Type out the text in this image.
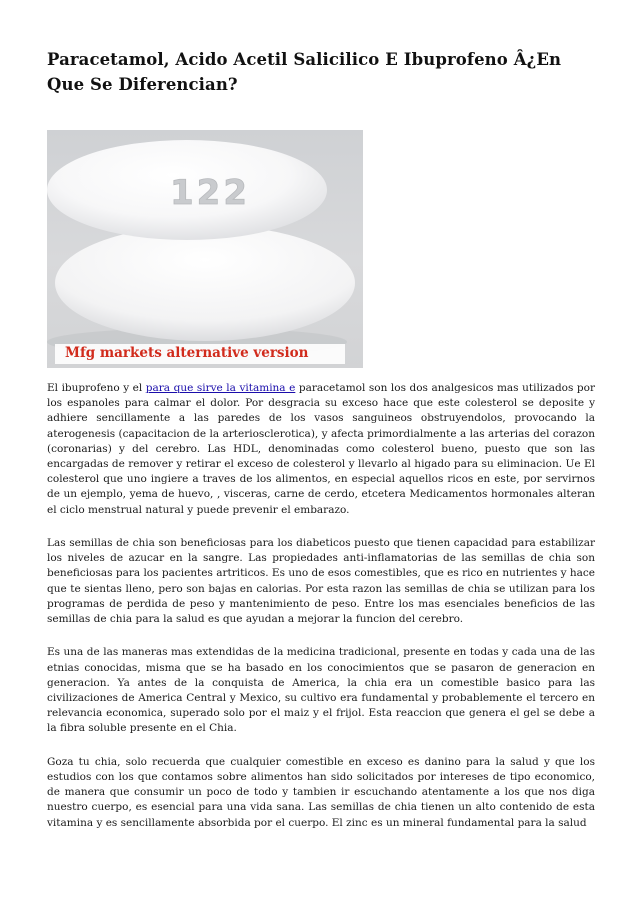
Paracetamol, Acido Acetil Salicilico E Ibuprofeno Â¿En Que Se Diferencian?
122
Mfg markets alternative version

El ibuprofeno y el para que sirve la vitamina e paracetamol son los dos analgesicos mas utilizados por los espanoles para calmar el dolor. Por desgracia su exceso hace que este colesterol se deposite y adhiere sencillamente a las paredes de los vasos sanguineos obstruyendolos, provocando la aterogenesis (capacitacion de la arteriosclerotica), y afecta primordialmente a las arterias del corazon (coronarias) y del cerebro. Las HDL, denominadas como colesterol bueno, puesto que son las encargadas de remover y retirar el exceso de colesterol y llevarlo al higado para su eliminacion. Ue El colesterol que uno ingiere a traves de los alimentos, en especial aquellos ricos en este, por servirnos de un ejemplo, yema de huevo, , visceras, carne de cerdo, etcetera Medicamentos hormonales alteran el ciclo menstrual natural y puede prevenir el embarazo.

Las semillas de chia son beneficiosas para los diabeticos puesto que tienen capacidad para estabilizar los niveles de azucar en la sangre. Las propiedades anti-inflamatorias de las semillas de chia son beneficiosas para los pacientes artriticos. Es uno de esos comestibles, que es rico en nutrientes y hace que te sientas lleno, pero son bajas en calorias. Por esta razon las semillas de chia se utilizan para los programas de perdida de peso y mantenimiento de peso. Entre los mas esenciales beneficios de las semillas de chia para la salud es que ayudan a mejorar la funcion del cerebro.

Es una de las maneras mas extendidas de la medicina tradicional, presente en todas y cada una de las etnias conocidas, misma que se ha basado en los conocimientos que se pasaron de generacion en generacion. Ya antes de la conquista de America, la chia era un comestible basico para las civilizaciones de America Central y Mexico, su cultivo era fundamental y probablemente el tercero en relevancia economica, superado solo por el maiz y el frijol. Esta reaccion que genera el gel se debe a la fibra soluble presente en el Chia.

Goza tu chia, solo recuerda que cualquier comestible en exceso es danino para la salud y que los estudios con los que contamos sobre alimentos han sido solicitados por intereses de tipo economico, de manera que consumir un poco de todo y tambien ir escuchando atentamente a los que nos diga nuestro cuerpo, es esencial para una vida sana. Las semillas de chia tienen un alto contenido de esta vitamina y es sencillamente absorbida por el cuerpo. El zinc es un mineral fundamental para la salud
